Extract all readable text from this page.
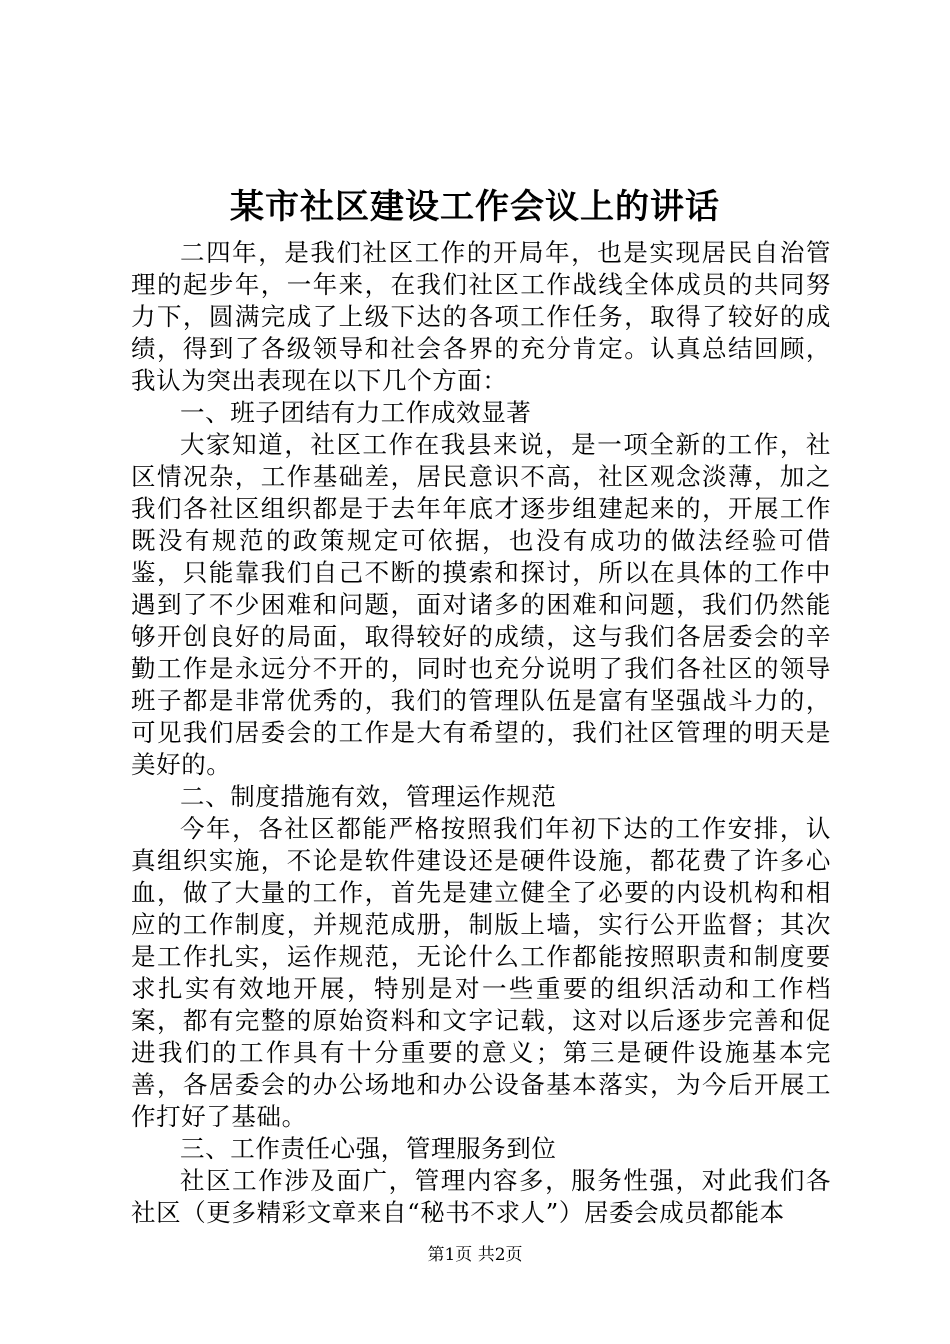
某市社区建设工作会议上的讲话

二四年，是我们社区工作的开局年，也是实现居民自治管理的起步年，一年来，在我们社区工作战线全体成员的共同努力下，圆满完成了上级下达的各项工作任务，取得了较好的成绩，得到了各级领导和社会各界的充分肯定。认真总结回顾，我认为突出表现在以下几个方面：

一、班子团结有力工作成效显著

大家知道，社区工作在我县来说，是一项全新的工作，社区情况杂，工作基础差，居民意识不高，社区观念淡薄，加之我们各社区组织都是于去年年底才逐步组建起来的，开展工作既没有规范的政策规定可依据，也没有成功的做法经验可借鉴，只能靠我们自己不断的摸索和探讨，所以在具体的工作中遇到了不少困难和问题，面对诸多的困难和问题，我们仍然能够开创良好的局面，取得较好的成绩，这与我们各居委会的辛勤工作是永远分不开的，同时也充分说明了我们各社区的领导班子都是非常优秀的，我们的管理队伍是富有坚强战斗力的，可见我们居委会的工作是大有希望的，我们社区管理的明天是美好的。

二、制度措施有效，管理运作规范

今年，各社区都能严格按照我们年初下达的工作安排，认真组织实施，不论是软件建设还是硬件设施，都花费了许多心血，做了大量的工作，首先是建立健全了必要的内设机构和相应的工作制度，并规范成册，制版上墙，实行公开监督；其次是工作扎实，运作规范，无论什么工作都能按照职责和制度要求扎实有效地开展，特别是对一些重要的组织活动和工作档案，都有完整的原始资料和文字记载，这对以后逐步完善和促进我们的工作具有十分重要的意义；第三是硬件设施基本完善，各居委会的办公场地和办公设备基本落实，为今后开展工作打好了基础。

三、工作责任心强，管理服务到位

社区工作涉及面广，管理内容多，服务性强，对此我们各社区（更多精彩文章来自“秘书不求人”）居委会成员都能本

第1页 共2页
